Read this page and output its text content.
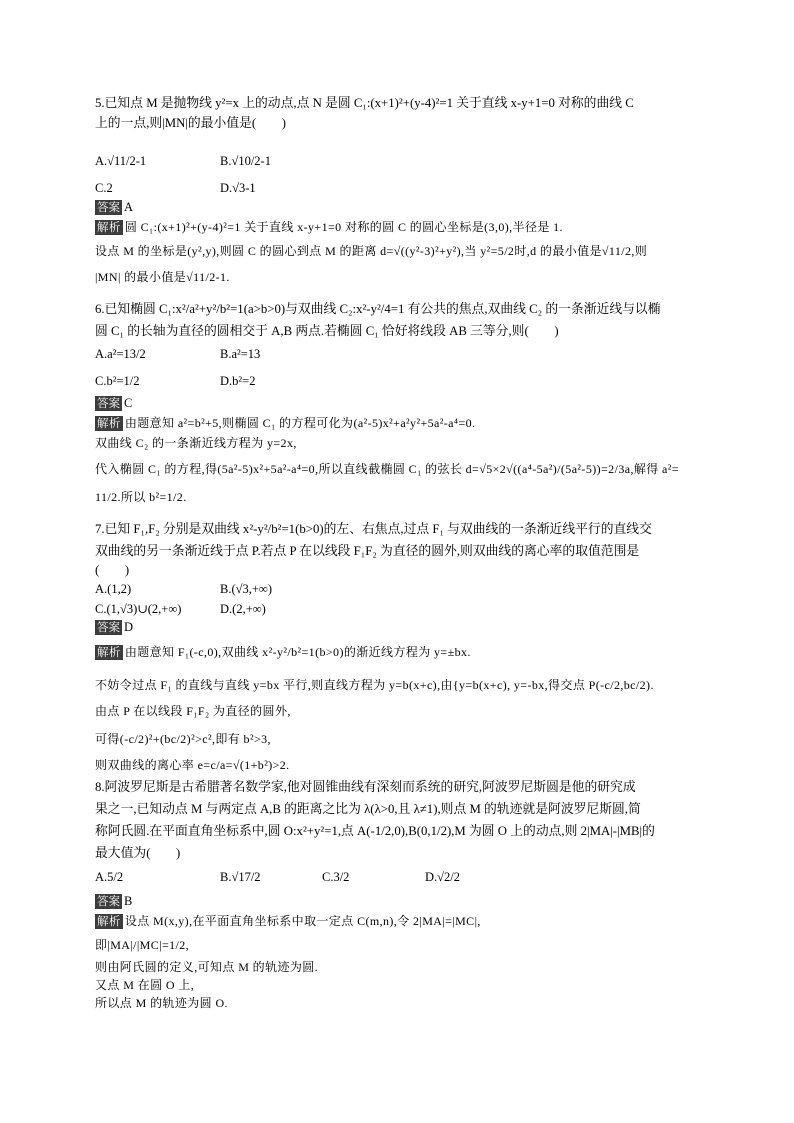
5.已知点 M 是抛物线 y²=x 上的动点,点 N 是圆 C₁:(x+1)²+(y-4)²=1 关于直线 x-y+1=0 对称的曲线 C
上的一点,则|MN|的最小值是(　　)
A.√11/2-1	B.√10/2-1
C.2	D.√3-1
答案 A
解析 圆 C₁:(x+1)²+(y-4)²=1 关于直线 x-y+1=0 对称的圆 C 的圆心坐标是(3,0),半径是 1.
设点 M 的坐标是(y²,y),则圆 C 的圆心到点 M 的距离 d=√((y²-3)²+y²),当 y²=5/2时,d 的最小值是√11/2,则
|MN| 的最小值是√11/2-1.
6.已知椭圆 C₁:x²/a²+y²/b²=1(a>b>0)与双曲线 C₂:x²-y²/4=1 有公共的焦点,双曲线 C₂ 的一条渐近线与以椭
圆 C₁ 的长轴为直径的圆相交于 A,B 两点.若椭圆 C₁ 恰好将线段 AB 三等分,则(　　)
A.a²=13/2	B.a²=13
C.b²=1/2	D.b²=2
答案 C
解析 由题意知 a²=b²+5,则椭圆 C₁ 的方程可化为(a²-5)x²+a²y²+5a²-a⁴=0.
双曲线 C₂ 的一条渐近线方程为 y=2x,
代入椭圆 C₁ 的方程,得(5a²-5)x²+5a²-a⁴=0,所以直线截椭圆 C₁ 的弦长 d=√5×2√((a⁴-5a²)/(5a²-5))=2/3a,解得 a²=
11/2.所以 b²=1/2.
7.已知 F₁,F₂ 分别是双曲线 x²-y²/b²=1(b>0)的左、右焦点,过点 F₁ 与双曲线的一条渐近线平行的直线交
双曲线的另一条渐近线于点 P.若点 P 在以线段 F₁F₂ 为直径的圆外,则双曲线的离心率的取值范围是
(　　)
A.(1,2)	B.(√3,+∞)
C.(1,√3)∪(2,+∞)	D.(2,+∞)
答案 D
解析 由题意知 F₁(-c,0),双曲线 x²-y²/b²=1(b>0)的渐近线方程为 y=±bx.
不妨令过点 F₁ 的直线与直线 y=bx 平行,则直线方程为 y=b(x+c),由{y=b(x+c), y=-bx,得交点 P(-c/2,bc/2).
由点 P 在以线段 F₁F₂ 为直径的圆外,
可得(-c/2)²+(bc/2)²>c²,即有 b²>3,
则双曲线的离心率 e=c/a=√(1+b²)>2.
8.阿波罗尼斯是古希腊著名数学家,他对圆锥曲线有深刻而系统的研究,阿波罗尼斯圆是他的研究成
果之一,已知动点 M 与两定点 A,B 的距离之比为 λ(λ>0,且 λ≠1),则点 M 的轨迹就是阿波罗尼斯圆,简
称阿氏圆.在平面直角坐标系中,圆 O:x²+y²=1,点 A(-1/2,0),B(0,1/2),M 为圆 O 上的动点,则 2|MA|-|MB|的
最大值为(　　)
A.5/2	B.√17/2	C.3/2	D.√2/2
答案 B
解析 设点 M(x,y),在平面直角坐标系中取一定点 C(m,n),令 2|MA|=|MC|,
即|MA|/|MC|=1/2,
则由阿氏圆的定义,可知点 M 的轨迹为圆.
又点 M 在圆 O 上,
所以点 M 的轨迹为圆 O.
